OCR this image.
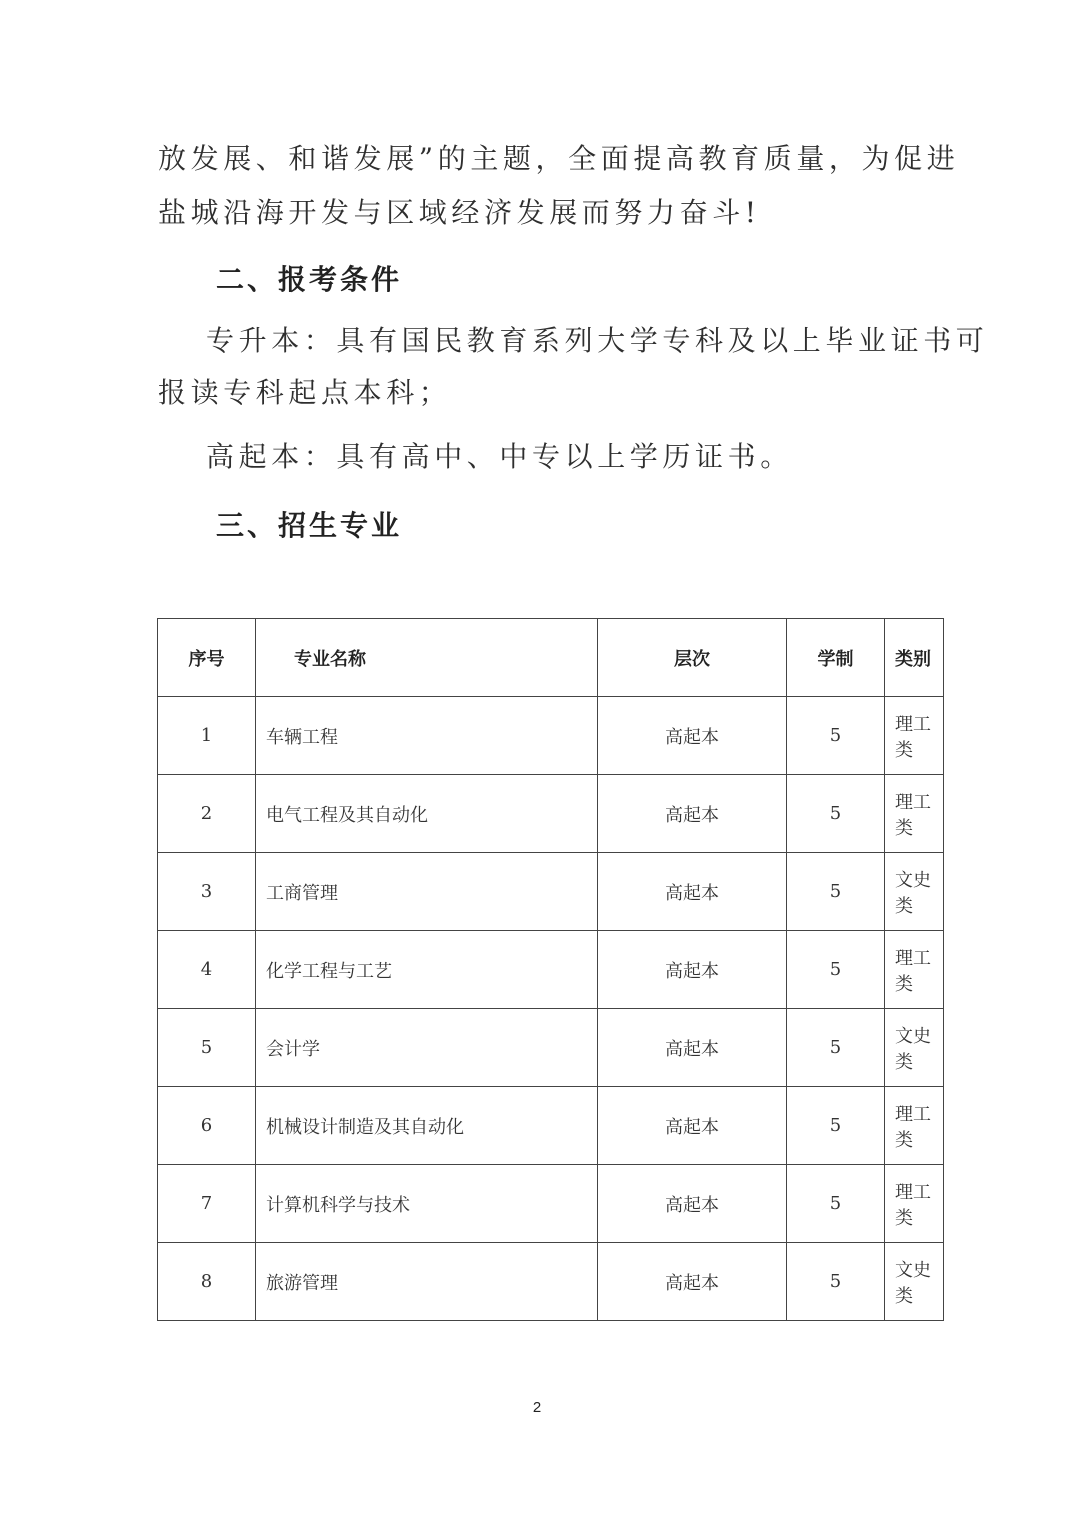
放发展、和谐发展”的主题，全面提高教育质量，为促进
盐城沿海开发与区域经济发展而努力奋斗!
二、报考条件
专升本：具有国民教育系列大学专科及以上毕业证书可
报读专科起点本科；
高起本：具有高中、中专以上学历证书。
三、招生专业
序号	专业名称	层次	学制	类别
1	车辆工程	高起本	5	理工类
2	电气工程及其自动化	高起本	5	理工类
3	工商管理	高起本	5	文史类
4	化学工程与工艺	高起本	5	理工类
5	会计学	高起本	5	文史类
6	机械设计制造及其自动化	高起本	5	理工类
7	计算机科学与技术	高起本	5	理工类
8	旅游管理	高起本	5	文史类
2
